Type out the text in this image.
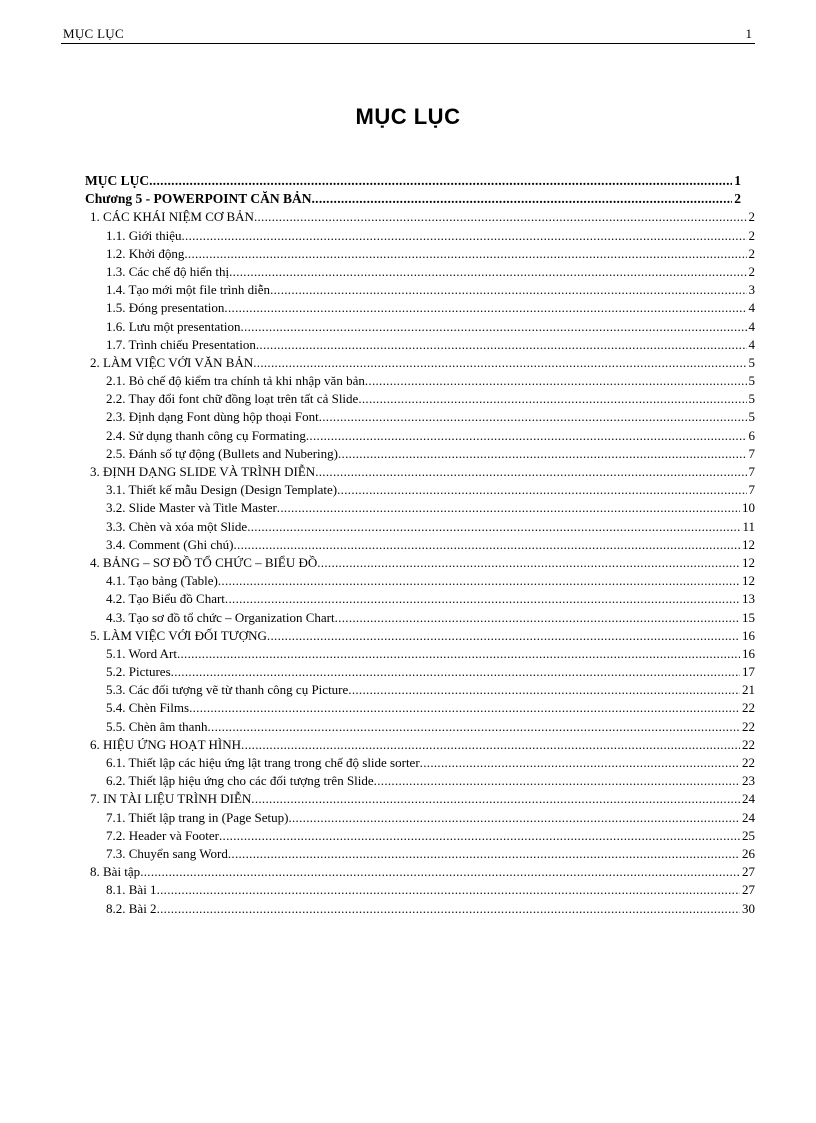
MỤC LỤC	1
MỤC LỤC
MỤC LỤC .....	1
Chương 5 - POWERPOINT CĂN BẢN .....	2
1. CÁC KHÁI NIỆM CƠ BẢN .....	2
1.1. Giới thiệu .....	2
1.2. Khởi động .....	2
1.3. Các chế độ hiển thị .....	2
1.4. Tạo mới một file trình diễn .....	3
1.5. Đóng presentation .....	4
1.6. Lưu một presentation .....	4
1.7. Trình chiếu Presentation .....	4
2. LÀM VIỆC VỚI VĂN BẢN .....	5
2.1. Bỏ chế độ kiểm tra chính tả khi nhập văn bản .....	5
2.2. Thay đổi font chữ đồng loạt trên tất cả Slide .....	5
2.3. Định dạng Font dùng hộp thoại Font .....	5
2.4. Sử dụng thanh công cụ Formating .....	6
2.5. Đánh số tự động (Bullets and Nubering) .....	7
3. ĐỊNH DẠNG SLIDE VÀ TRÌNH DIỄN .....	7
3.1. Thiết kế mẫu Design (Design Template) .....	7
3.2. Slide Master và Title Master .....	10
3.3. Chèn và xóa một Slide .....	11
3.4. Comment (Ghi chú) .....	12
4. BẢNG – SƠ ĐỒ TỔ CHỨC – BIỂU ĐỒ .....	12
4.1. Tạo bảng (Table) .....	12
4.2. Tạo Biểu đồ Chart .....	13
4.3. Tạo sơ đồ tổ chức – Organization Chart .....	15
5. LÀM VIỆC VỚI ĐỐI TƯỢNG .....	16
5.1. Word Art .....	16
5.2. Pictures .....	17
5.3. Các đối tượng vẽ từ thanh công cụ Picture .....	21
5.4. Chèn Films .....	22
5.5. Chèn âm thanh .....	22
6. HIỆU ỨNG HOẠT HÌNH .....	22
6.1. Thiết lập các hiệu ứng lật trang trong chế độ slide sorter .....	22
6.2. Thiết lập hiệu ứng cho các đối tượng trên Slide .....	23
7. IN TÀI LIỆU TRÌNH DIỄN .....	24
7.1. Thiết lập trang in (Page Setup) .....	24
7.2. Header và Footer .....	25
7.3. Chuyển sang Word .....	26
8. Bài tập .....	27
8.1. Bài 1 .....	27
8.2. Bài 2 .....	30
